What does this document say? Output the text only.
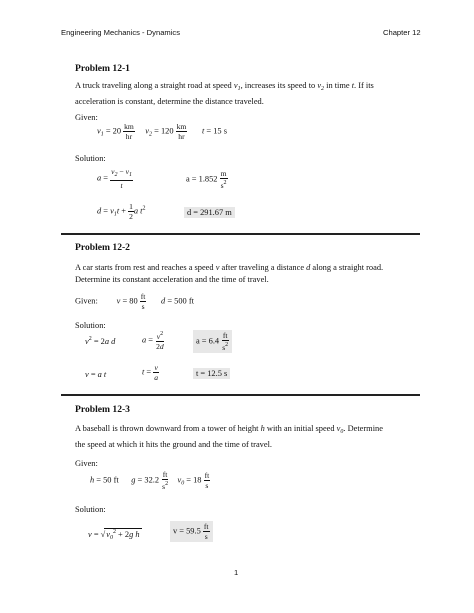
Engineering Mechanics - Dynamics	Chapter 12
Problem 12-1
A truck traveling along a straight road at speed $v_1$, increases its speed to $v_2$ in time t. If its acceleration is constant, determine the distance traveled.
Given:
$v_1 = 20 \frac{km}{hr} v_2 = 120 \frac{km}{hr}$ t = 15 s
Solution:
$a = \frac{v_2 - v_1}{t}$	$a = 1.852 \frac{m}{s^2}$
$d = v_1t + \frac{1}{2}$ a $t^2$	d = 291.67 m
Problem 12-2
A car starts from rest and reaches a speed v after traveling a distance d along a straight road. Determine its constant acceleration and the time of travel.
Given: $v = 80 \frac{ft}{s}$ d = 500 ft
Solution:
$v^2 = 2a$ d	$a = \frac{v^2}{2d}$	$a = 6.4 \frac{ft}{s^2}$
v = a t	$t = \frac{v}{a}$	t = 12.5 s
Problem 12-3
A baseball is thrown downward from a tower of height h with an initial speed $v_0$. Determine the speed at which it hits the ground and the time of travel.
Given:
h = 50 ft $g = 32.2 \frac{ft}{s^2} v_0 = 18 \frac{ft}{s}$
Solution:
$v = √v_0^2 + 2g$ h	$v = 59.5 \frac{ft}{s}$
1
